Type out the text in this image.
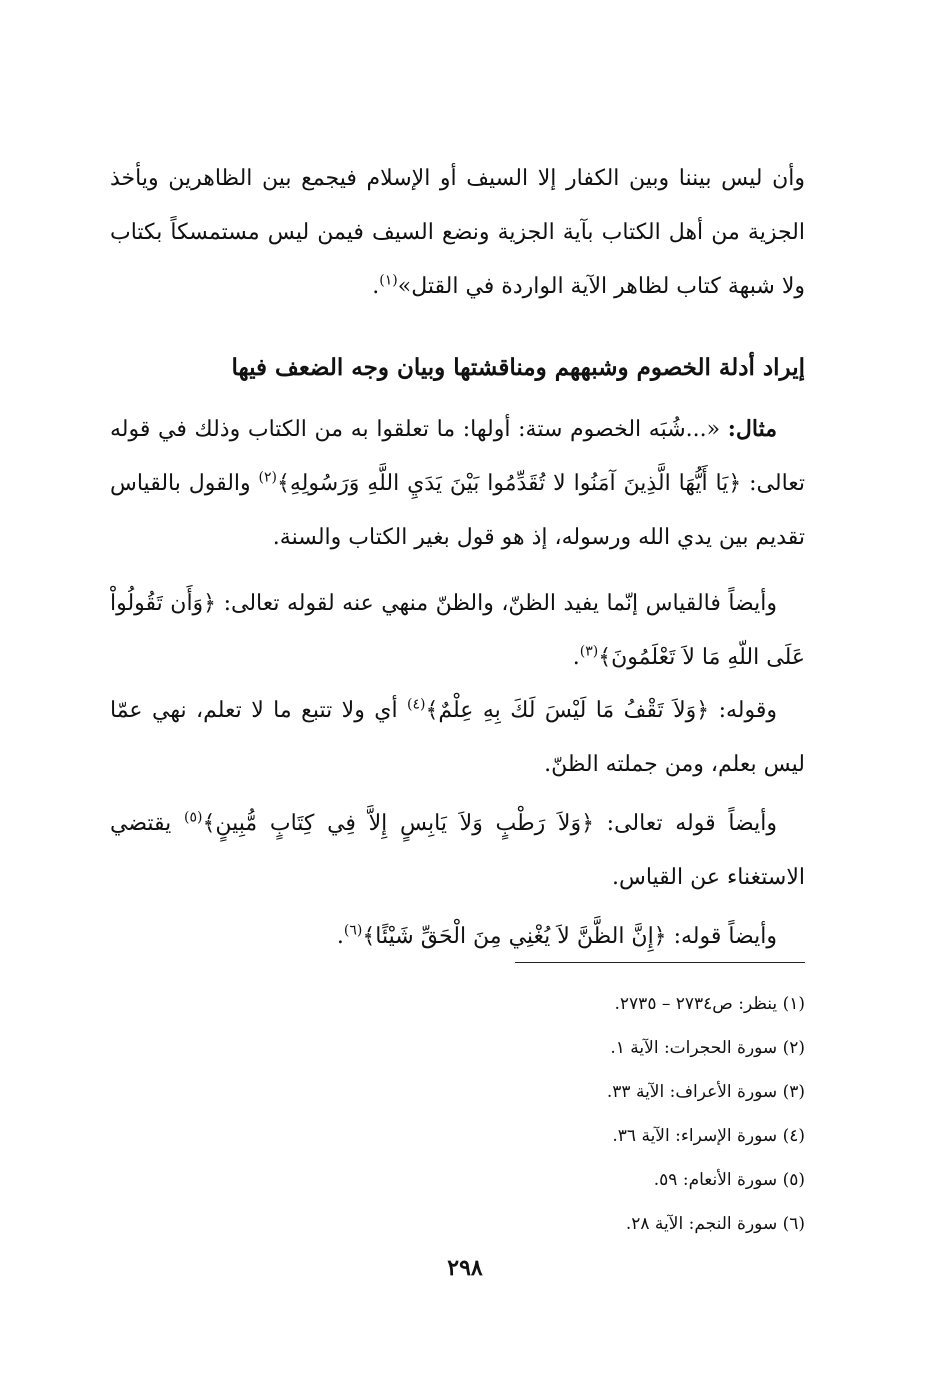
وأن ليس بيننا وبين الكفار إلا السيف أو الإسلام فيجمع بين الظاهرين ويأخذ الجزية من أهل الكتاب بآية الجزية ونضع السيف فيمن ليس مستمسكاً بكتاب ولا شبهة كتاب لظاهر الآية الواردة في القتل»$^{(١)}$.

إيراد أدلة الخصوم وشبههم ومناقشتها وبيان وجه الضعف فيها

مثال: «...شُبَه الخصوم ستة: أولها: ما تعلقوا به من الكتاب وذلك في قوله تعالى: ﴿يَا أَيُّهَا الَّذِينَ آمَنُوا لا تُقَدِّمُوا بَيْنَ يَدَيِ اللَّهِ وَرَسُولِهِ﴾$^{(٢)}$ والقول بالقياس تقديم بين يدي الله ورسوله، إذ هو قول بغير الكتاب والسنة.

وأيضاً فالقياس إنّما يفيد الظنّ، والظنّ منهي عنه لقوله تعالى: ﴿وَأَن تَقُولُواْ عَلَى اللّهِ مَا لاَ تَعْلَمُونَ﴾$^{(٣)}$.

وقوله: ﴿وَلاَ تَقْفُ مَا لَيْسَ لَكَ بِهِ عِلْمٌ﴾$^{(٤)}$ أي ولا تتبع ما لا تعلم، نهي عمّا ليس بعلم، ومن جملته الظنّ.

وأيضاً قوله تعالى: ﴿وَلاَ رَطْبٍ وَلاَ يَابِسٍ إِلاَّ فِي كِتَابٍ مُّبِينٍ﴾$^{(٥)}$ يقتضي الاستغناء عن القياس.

وأيضاً قوله: ﴿إِنَّ الظَّنَّ لاَ يُغْنِي مِنَ الْحَقِّ شَيْئًا﴾$^{(٦)}$.

(١) ينظر: ص٢٧٣٤ – ٢٧٣٥.
(٢) سورة الحجرات: الآية ١.
(٣) سورة الأعراف: الآية ٣٣.
(٤) سورة الإسراء: الآية ٣٦.
(٥) سورة الأنعام: ٥٩.
(٦) سورة النجم: الآية ٢٨.
٢٩٨
